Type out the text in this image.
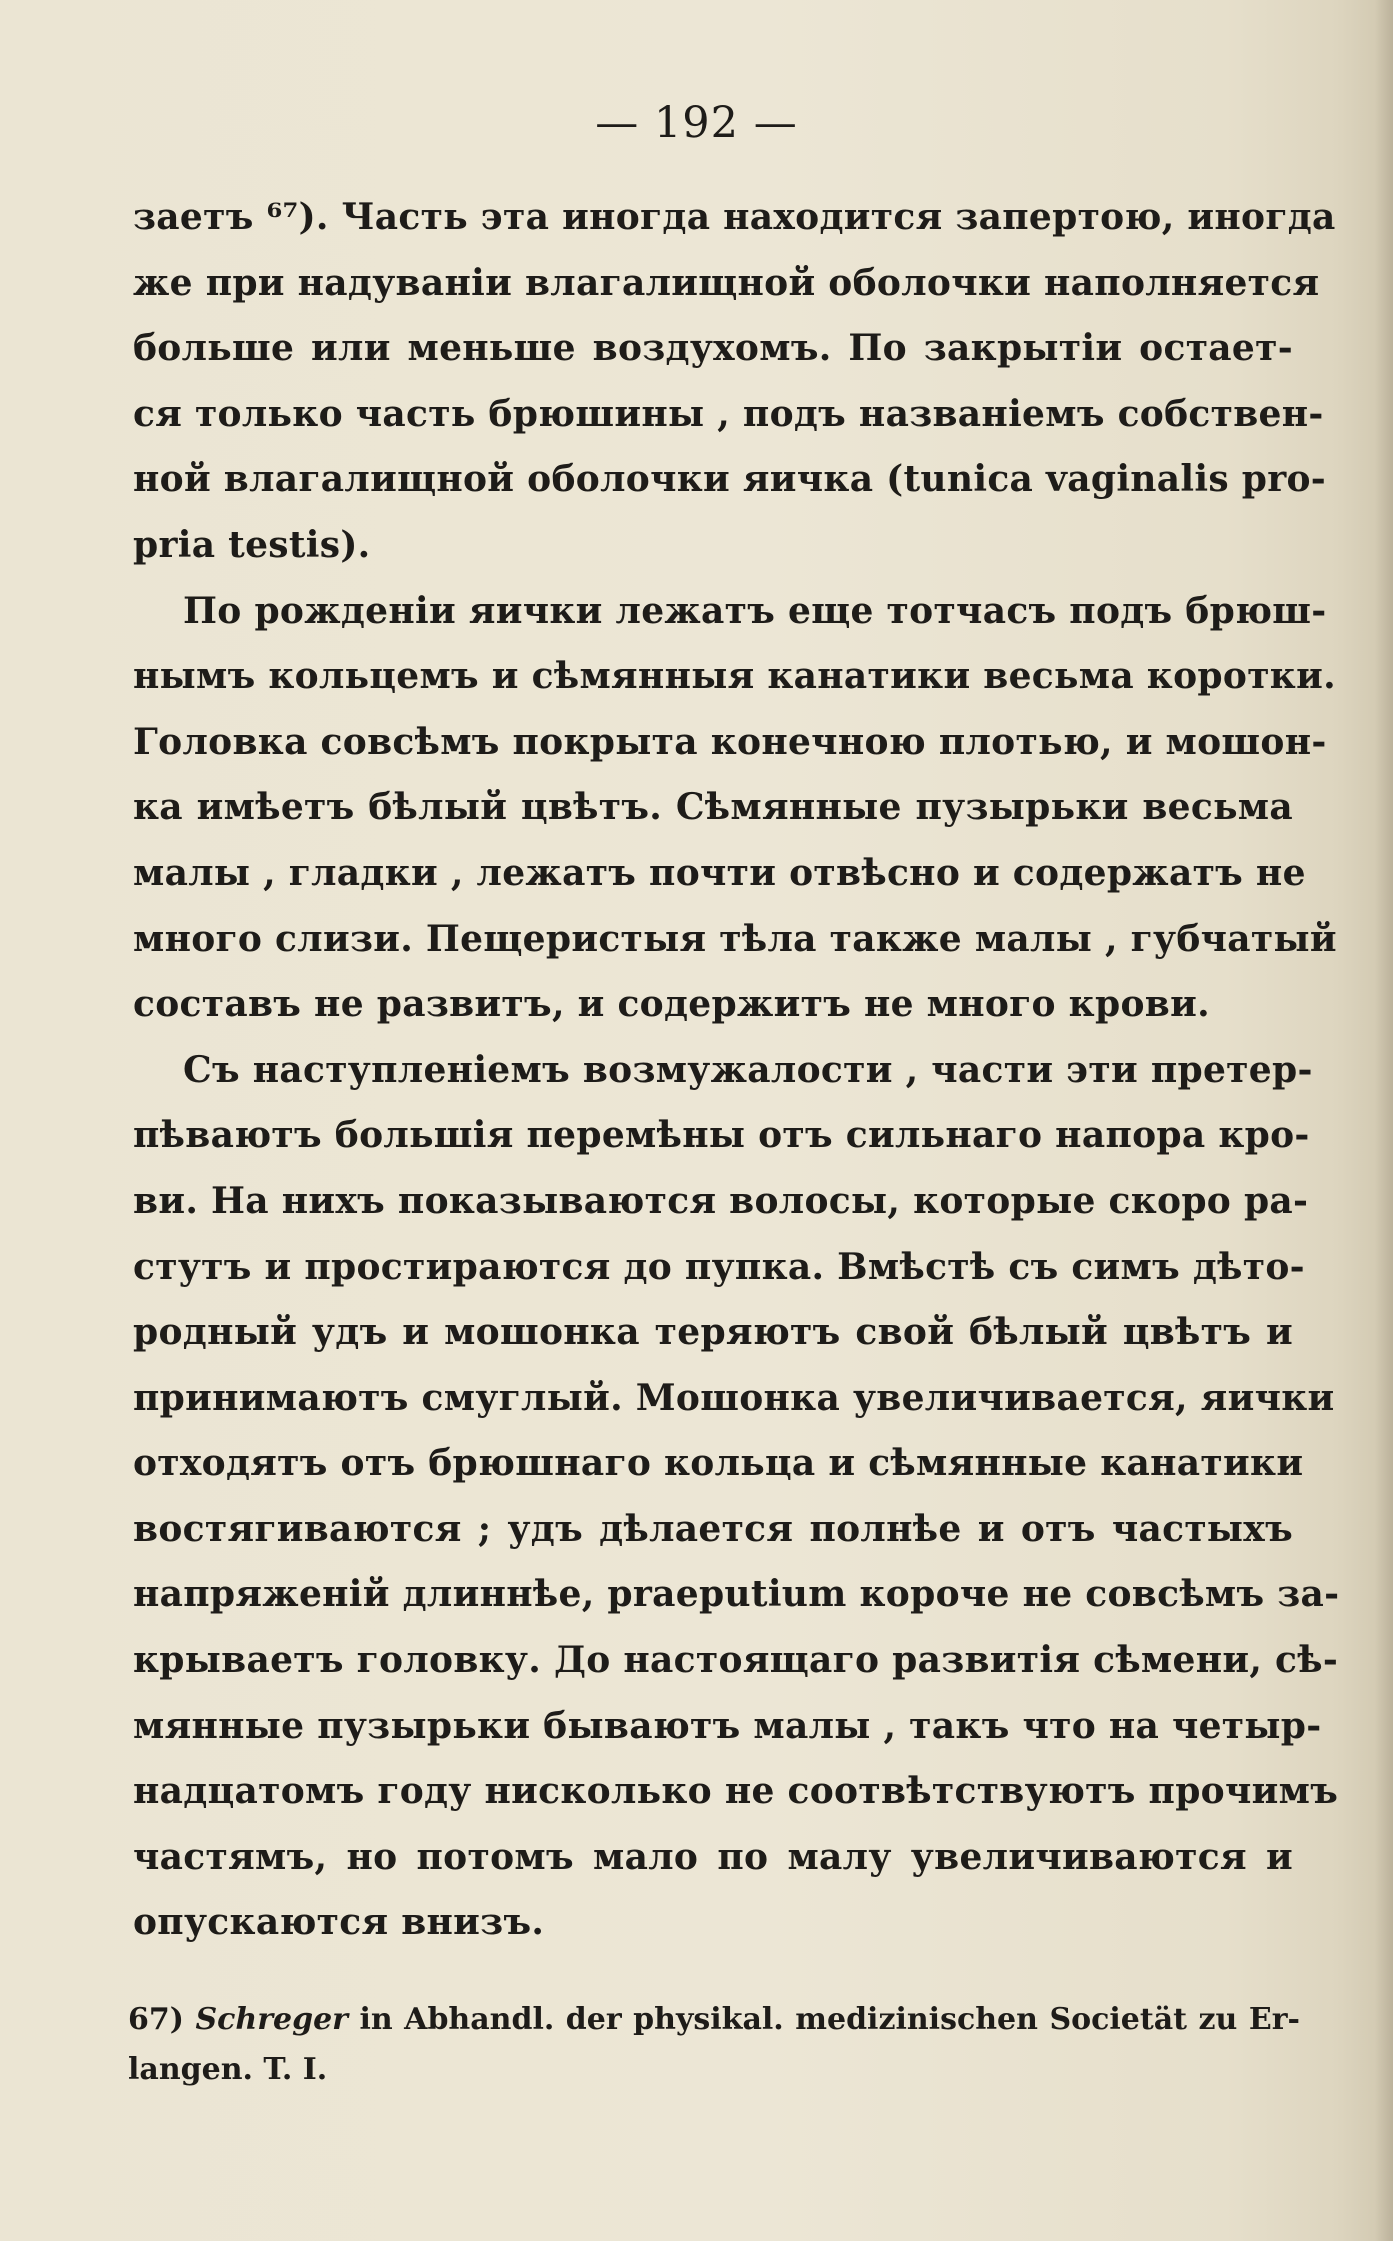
— 192 —
заетъ ⁶⁷). Часть эта иногда находится запертою, иногда
же при надуваніи влагалищной оболочки наполняется
больше или меньше воздухомъ. По закрытіи остает-
ся только часть брюшины , подъ названіемъ собствен-
ной влагалищной оболочки яичка (tunica vaginalis pro-
pria testis).
По рожденіи яички лежатъ еще тотчасъ подъ брюш-
нымъ кольцемъ и сѣмянныя канатики весьма коротки.
Головка совсѣмъ покрыта конечною плотью, и мошон-
ка имѣетъ бѣлый цвѣтъ. Сѣмянные пузырьки весьма
малы , гладки , лежатъ почти отвѣсно и содержатъ не
много слизи. Пещеристыя тѣла также малы , губчатый
составъ не развитъ, и содержитъ не много крови.
Съ наступленіемъ возмужалости , части эти претер-
пѣваютъ большія перемѣны отъ сильнаго напора кро-
ви. На нихъ показываются волосы, которые скоро ра-
стутъ и простираются до пупка. Вмѣстѣ съ симъ дѣто-
родный удъ и мошонка теряютъ свой бѣлый цвѣтъ и
принимаютъ смуглый. Мошонка увеличивается, яички
отходятъ отъ брюшнаго кольца и сѣмянные канатики
востягиваются ; удъ дѣлается полнѣе и отъ частыхъ
напряженій длиннѣе, praeputium короче не совсѣмъ за-
крываетъ головку. До настоящаго развитія сѣмени, сѣ-
мянные пузырьки бываютъ малы , такъ что на четыр-
надцатомъ году нисколько не соотвѣтствуютъ прочимъ
частямъ, но потомъ мало по малу увеличиваются и
опускаются внизъ.
67) Schreger in Abhandl. der physikal. medizinischen Societät zu Er-
langen. T. I.
